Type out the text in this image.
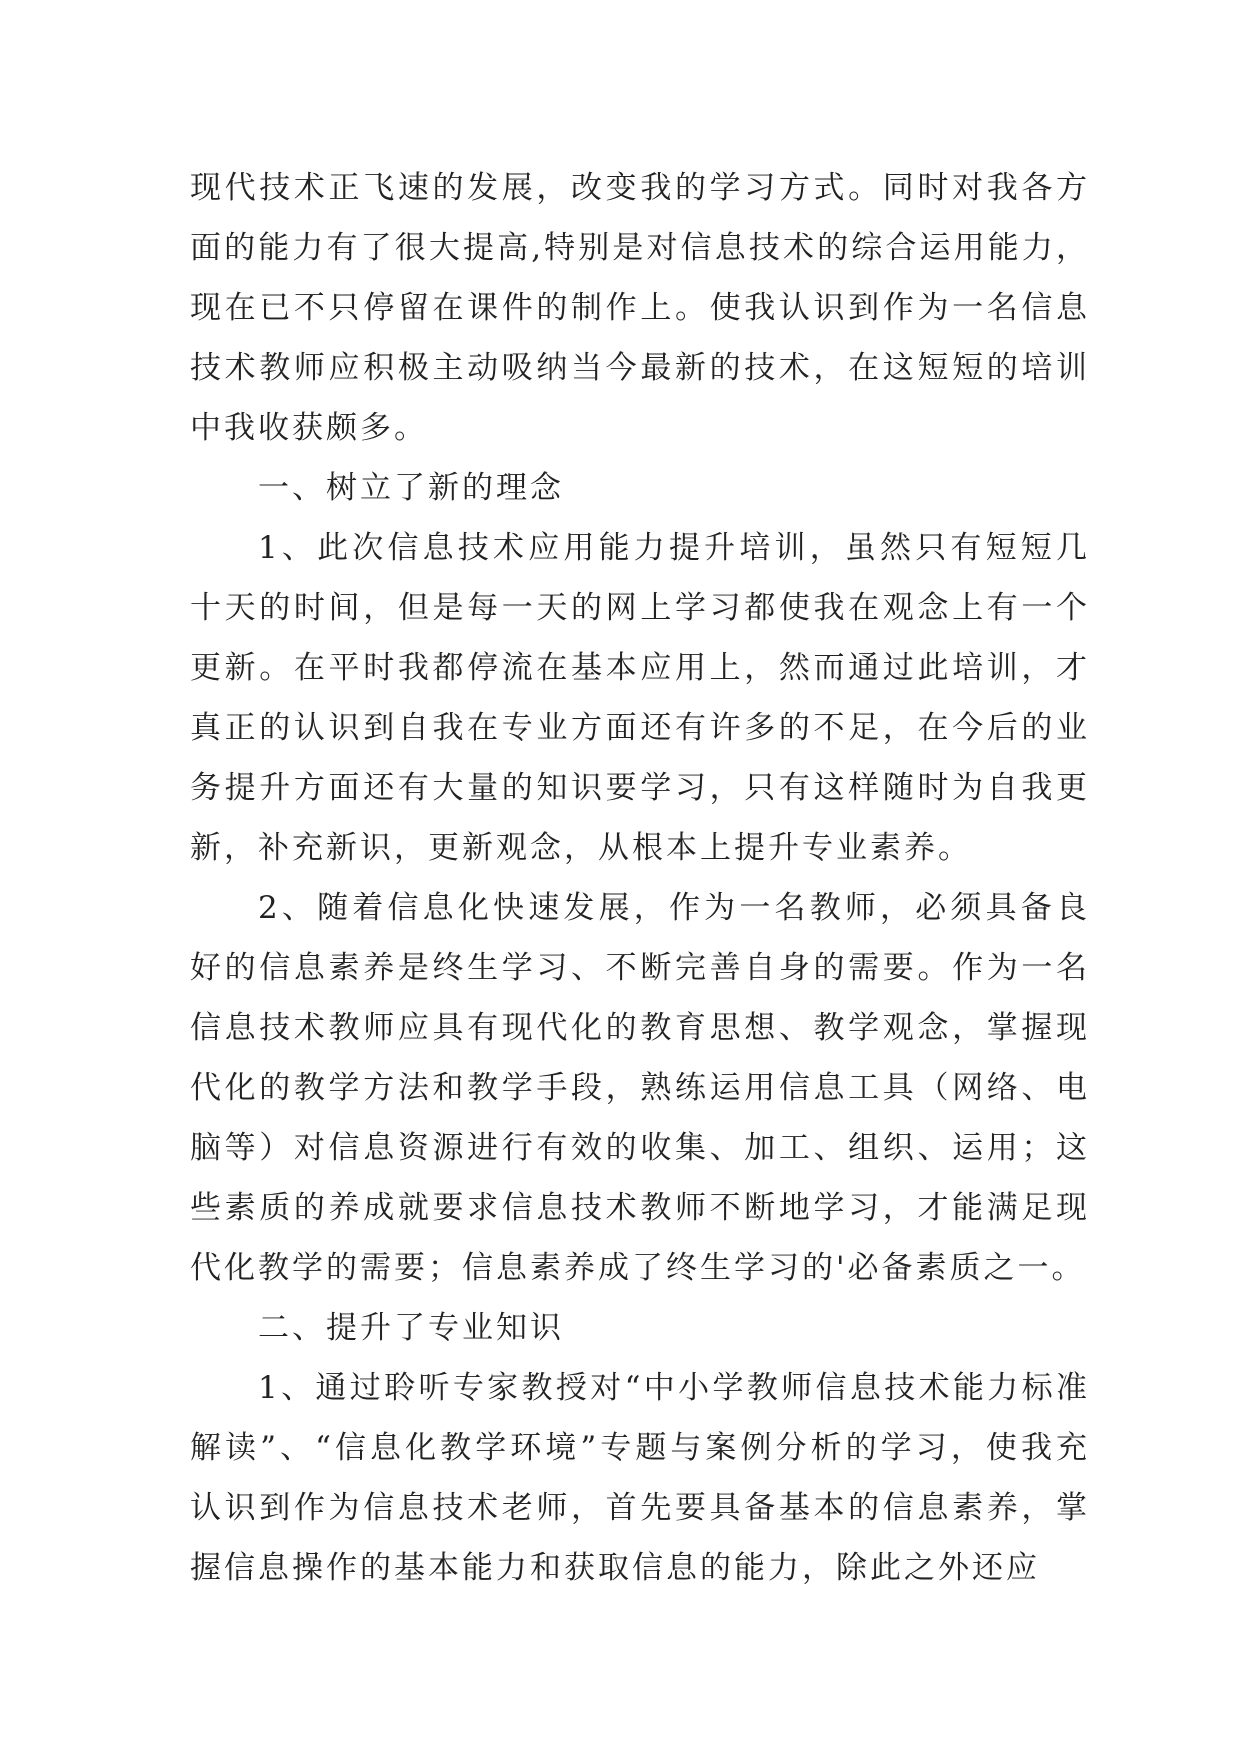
现代技术正飞速的发展，改变我的学习方式。同时对我各方面的能力有了很大提高,特别是对信息技术的综合运用能力，现在已不只停留在课件的制作上。使我认识到作为一名信息技术教师应积极主动吸纳当今最新的技术，在这短短的培训中我收获颇多。

一、树立了新的理念

1、此次信息技术应用能力提升培训，虽然只有短短几十天的时间，但是每一天的网上学习都使我在观念上有一个更新。在平时我都停流在基本应用上，然而通过此培训，才真正的认识到自我在专业方面还有许多的不足，在今后的业务提升方面还有大量的知识要学习，只有这样随时为自我更新，补充新识，更新观念，从根本上提升专业素养。

2、随着信息化快速发展，作为一名教师，必须具备良好的信息素养是终生学习、不断完善自身的需要。作为一名信息技术教师应具有现代化的教育思想、教学观念，掌握现代化的教学方法和教学手段，熟练运用信息工具（网络、电脑等）对信息资源进行有效的收集、加工、组织、运用；这些素质的养成就要求信息技术教师不断地学习，才能满足现代化教学的需要；信息素养成了终生学习的'必备素质之一。

二、提升了专业知识

1、通过聆听专家教授对“中小学教师信息技术能力标准解读”、“信息化教学环境”专题与案例分析的学习，使我充认识到作为信息技术老师，首先要具备基本的信息素养，掌握信息操作的基本能力和获取信息的能力，除此之外还应
